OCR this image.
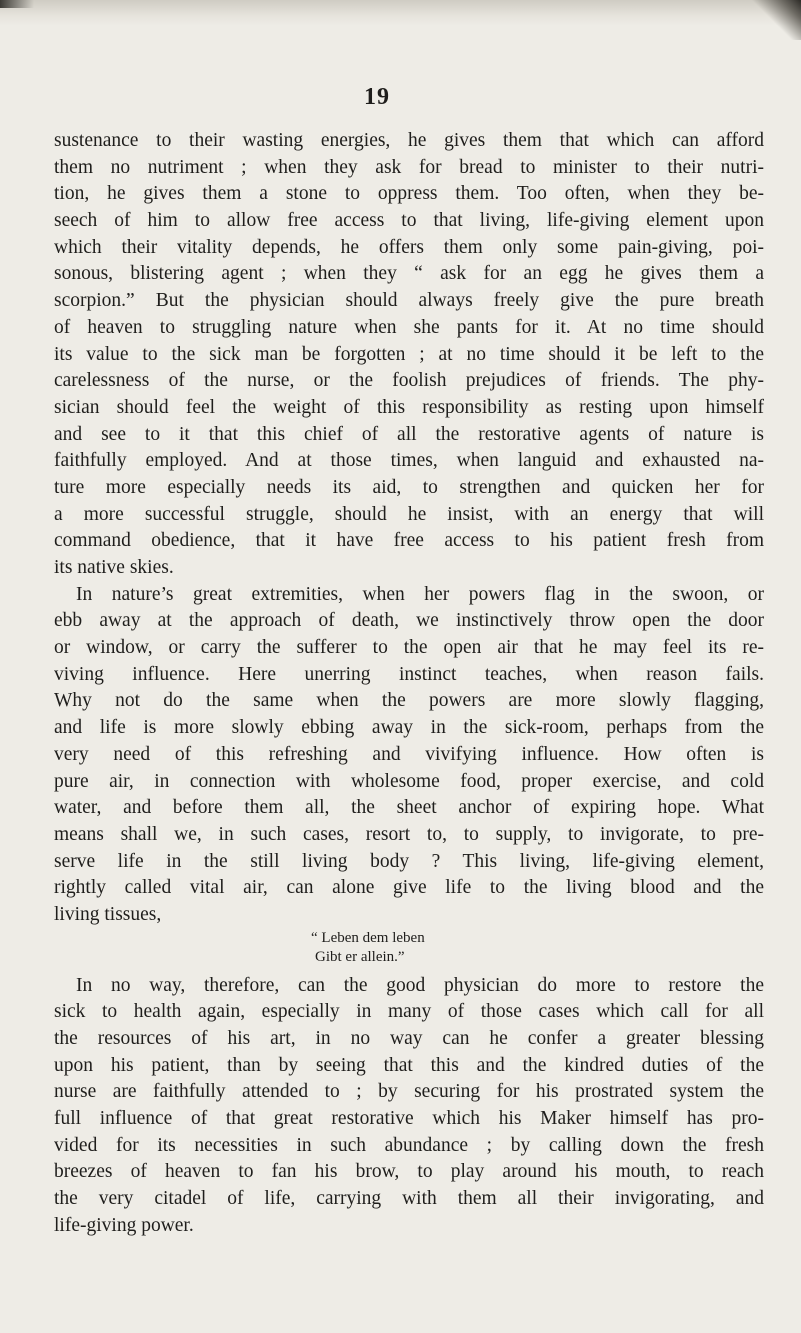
19
sustenance to their wasting energies, he gives them that which can afford
them no nutriment ; when they ask for bread to minister to their nutri-
tion, he gives them a stone to oppress them. Too often, when they be-
seech of him to allow free access to that living, life-giving element upon
which their vitality depends, he offers them only some pain-giving, poi-
sonous, blistering agent ; when they “ ask for an egg he gives them a
scorpion.” But the physician should always freely give the pure breath
of heaven to struggling nature when she pants for it. At no time should
its value to the sick man be forgotten ; at no time should it be left to the
carelessness of the nurse, or the foolish prejudices of friends. The phy-
sician should feel the weight of this responsibility as resting upon himself
and see to it that this chief of all the restorative agents of nature is
faithfully employed. And at those times, when languid and exhausted na-
ture more especially needs its aid, to strengthen and quicken her for
a more successful struggle, should he insist, with an energy that will
command obedience, that it have free access to his patient fresh from
its native skies.
In nature’s great extremities, when her powers flag in the swoon, or
ebb away at the approach of death, we instinctively throw open the door
or window, or carry the sufferer to the open air that he may feel its re-
viving influence. Here unerring instinct teaches, when reason fails.
Why not do the same when the powers are more slowly flagging,
and life is more slowly ebbing away in the sick-room, perhaps from the
very need of this refreshing and vivifying influence. How often is
pure air, in connection with wholesome food, proper exercise, and cold
water, and before them all, the sheet anchor of expiring hope. What
means shall we, in such cases, resort to, to supply, to invigorate, to pre-
serve life in the still living body ? This living, life-giving element,
rightly called vital air, can alone give life to the living blood and the
living tissues,
“ Leben dem leben
Gibt er allein.”
In no way, therefore, can the good physician do more to restore the
sick to health again, especially in many of those cases which call for all
the resources of his art, in no way can he confer a greater blessing
upon his patient, than by seeing that this and the kindred duties of the
nurse are faithfully attended to ; by securing for his prostrated system the
full influence of that great restorative which his Maker himself has pro-
vided for its necessities in such abundance ; by calling down the fresh
breezes of heaven to fan his brow, to play around his mouth, to reach
the very citadel of life, carrying with them all their invigorating, and
life-giving power.
